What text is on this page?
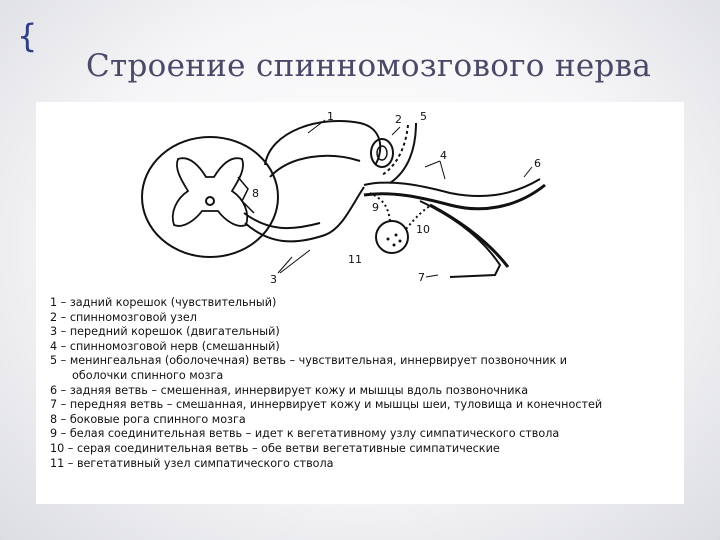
{
Строение спинномозгового нерва
1	2
3
4
5
6
7
8
9
10
11
1 – задний корешок (чувствительный)
2 – спинномозговой узел
3 – передний корешок (двигательный)
4 – спинномозговой нерв (смешанный)
5 – менингеальная (оболочечная) ветвь – чувствительная, иннервирует позвоночник и
оболочки спинного мозга
6 – задняя ветвь – смешенная, иннервирует кожу и мышцы вдоль позвоночника
7 – передняя ветвь – смешанная, иннервирует кожу и мышцы шеи, туловища и конечностей
8 – боковые рога спинного мозга
9 – белая соединительная ветвь – идет к вегетативному узлу симпатического ствола
10 – серая соединительная ветвь – обе ветви вегетативные симпатические
11 – вегетативный узел симпатического ствола
